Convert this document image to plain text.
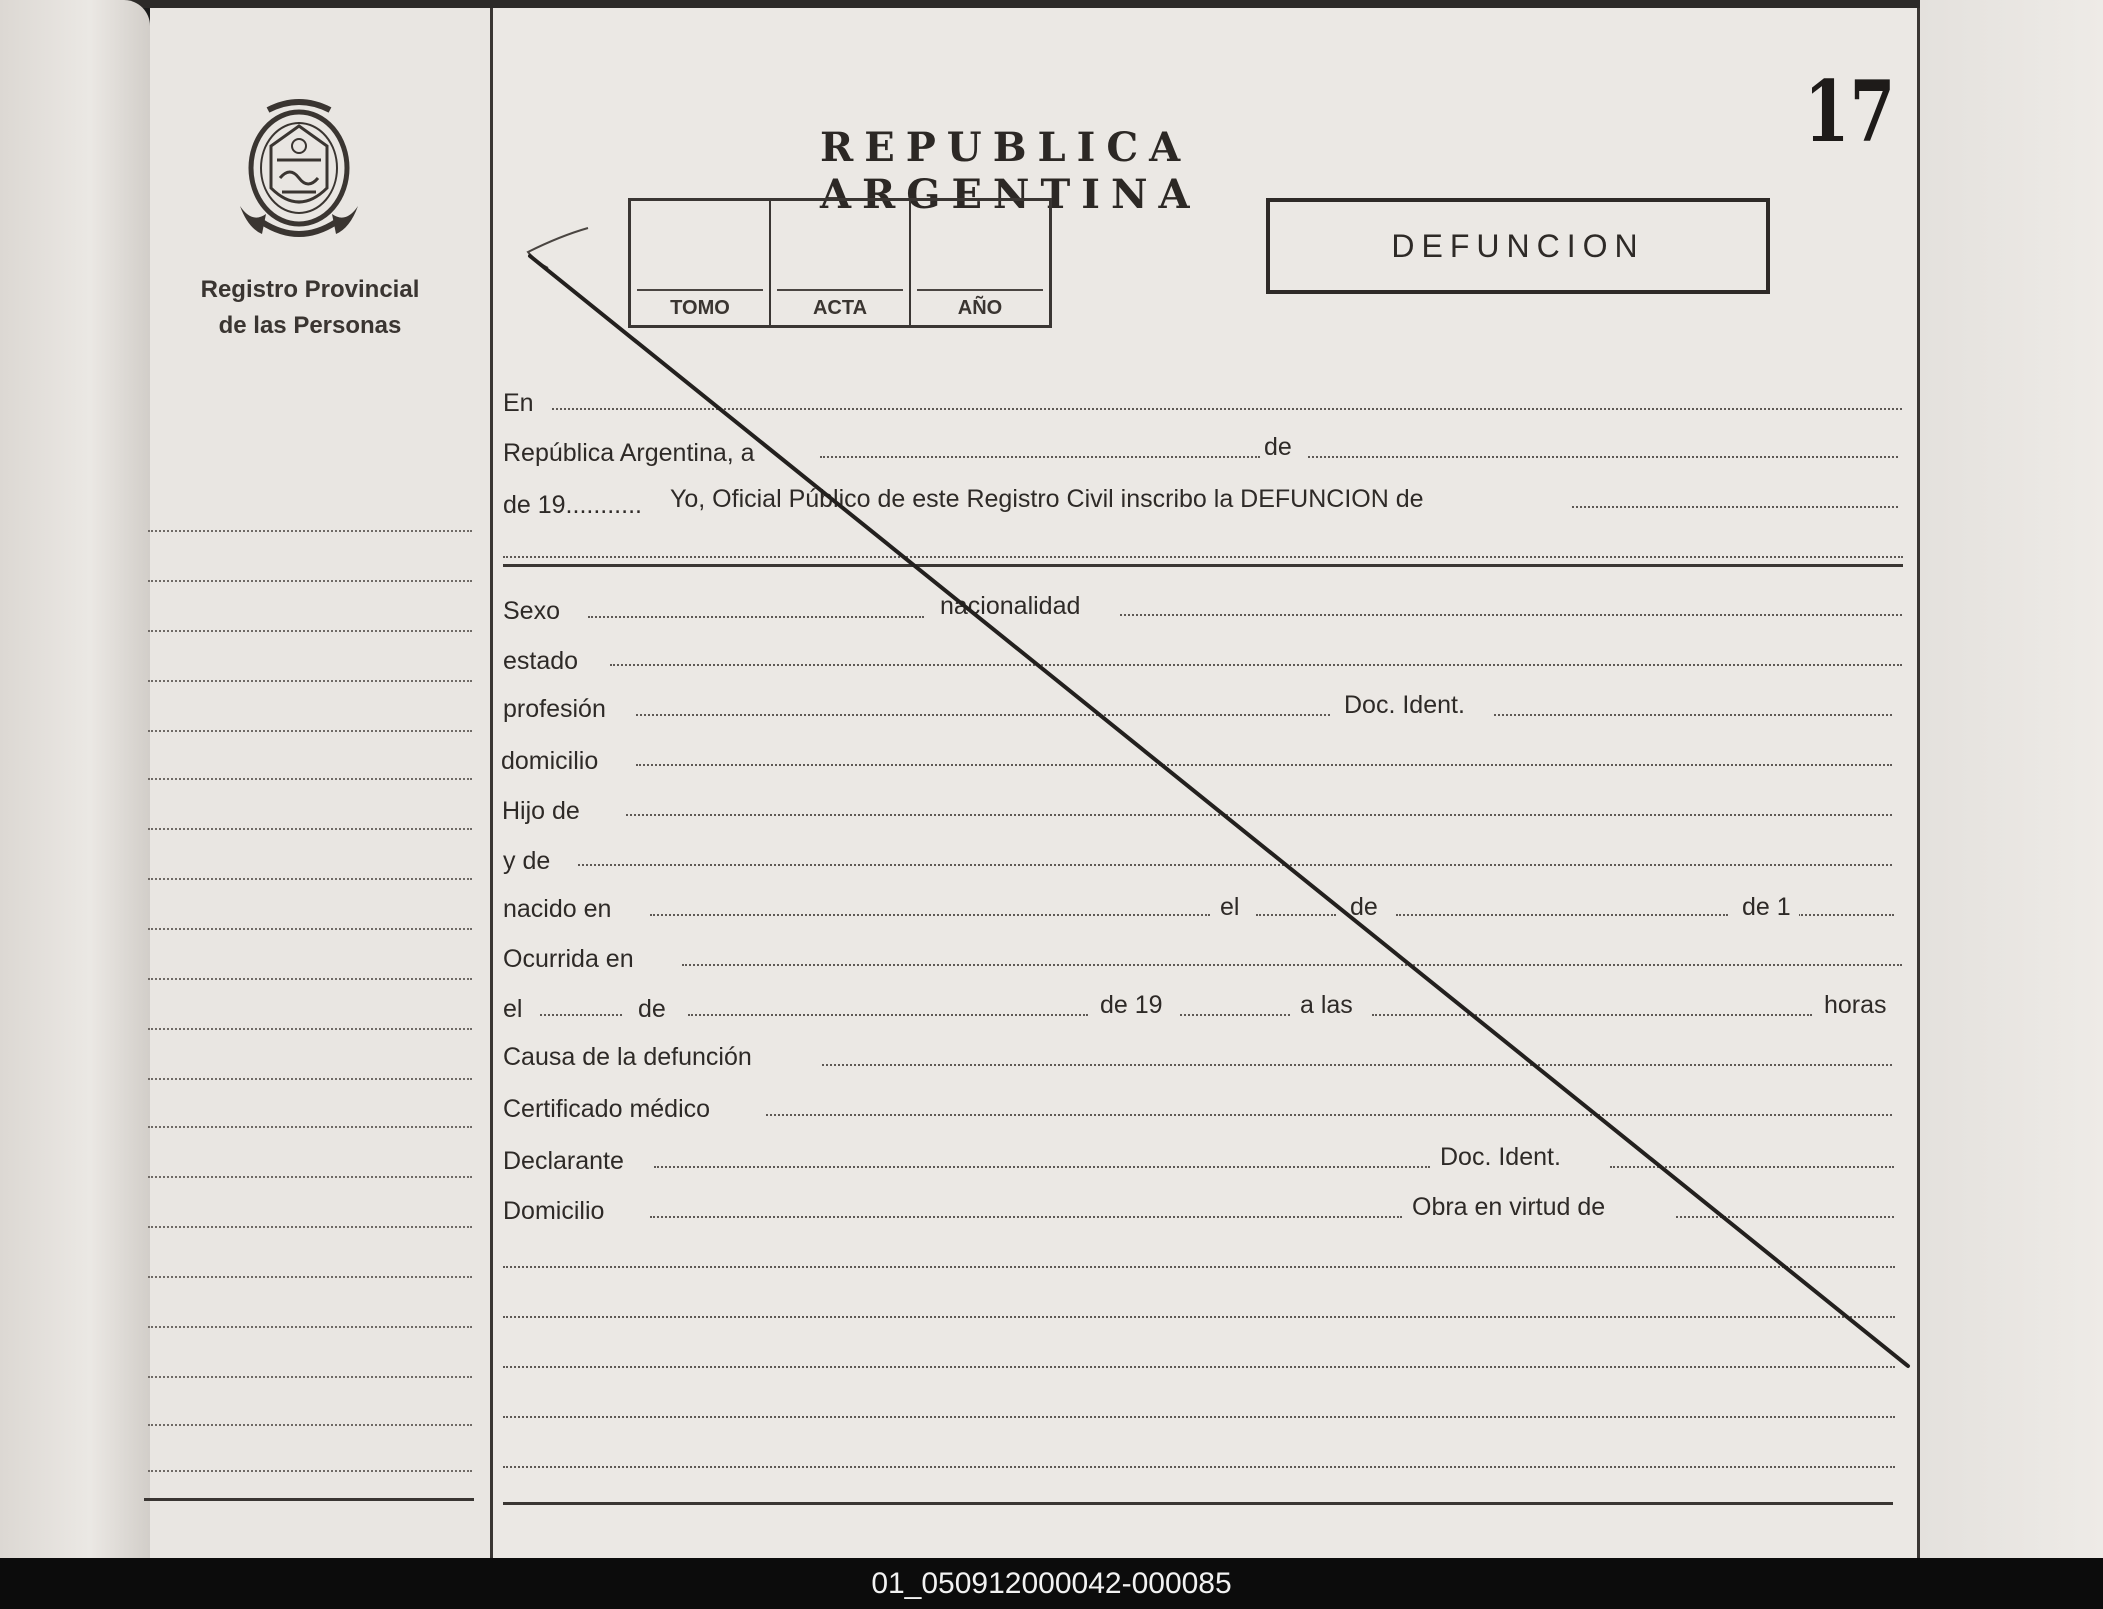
Registro Provincial
de las Personas
REPUBLICA ARGENTINA
17
TOMO	ACTA	AÑO
DEFUNCION
En
República Argentina, a	de
de 19...........	Yo, Oficial Público de este Registro Civil inscribo la DEFUNCION de
Sexo	nacionalidad
estado
profesión	Doc. Ident.
domicilio
Hijo de
y de
nacido en	el	de	de 1
Ocurrida en
el	de	de 19	a las	horas
Causa de la defunción
Certificado médico
Declarante	Doc. Ident.
Domicilio	Obra en virtud de
01_050912000042-000085
